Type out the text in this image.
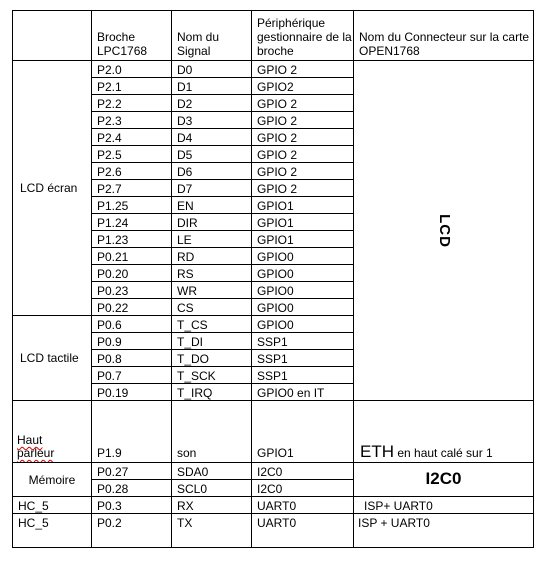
	Broche LPC1768	Nom du Signal	Périphérique gestionnaire de la broche	Nom du Connecteur sur la carte OPEN1768
LCD écran	P2.0	D0	GPIO 2	LCD
	P2.1	D1	GPIO2	
	P2.2	D2	GPIO 2	
	P2.3	D3	GPIO 2	
	P2.4	D4	GPIO 2	
	P2.5	D5	GPIO 2	
	P2.6	D6	GPIO 2	
	P2.7	D7	GPIO 2	
	P1.25	EN	GPIO1	
	P1.24	DIR	GPIO1	
	P1.23	LE	GPIO1	
	P0.21	RD	GPIO0	
	P0.20	RS	GPIO0	
	P0.23	WR	GPIO0	
	P0.22	CS	GPIO0	
LCD tactile	P0.6	T_CS	GPIO0	
	P0.9	T_DI	SSP1	
	P0.8	T_DO	SSP1	
	P0.7	T_SCK	SSP1	
	P0.19	T_IRQ	GPIO0 en IT	
Haut
parleur	P1.9	son	GPIO1	ETH en haut calé sur 1
Mémoire	P0.27	SDA0	I2C0	I2C0
	P0.28	SCL0	I2C0	
HC_5	P0.3	RX	UART0	ISP+ UART0
HC_5	P0.2	TX	UART0	ISP + UART0
